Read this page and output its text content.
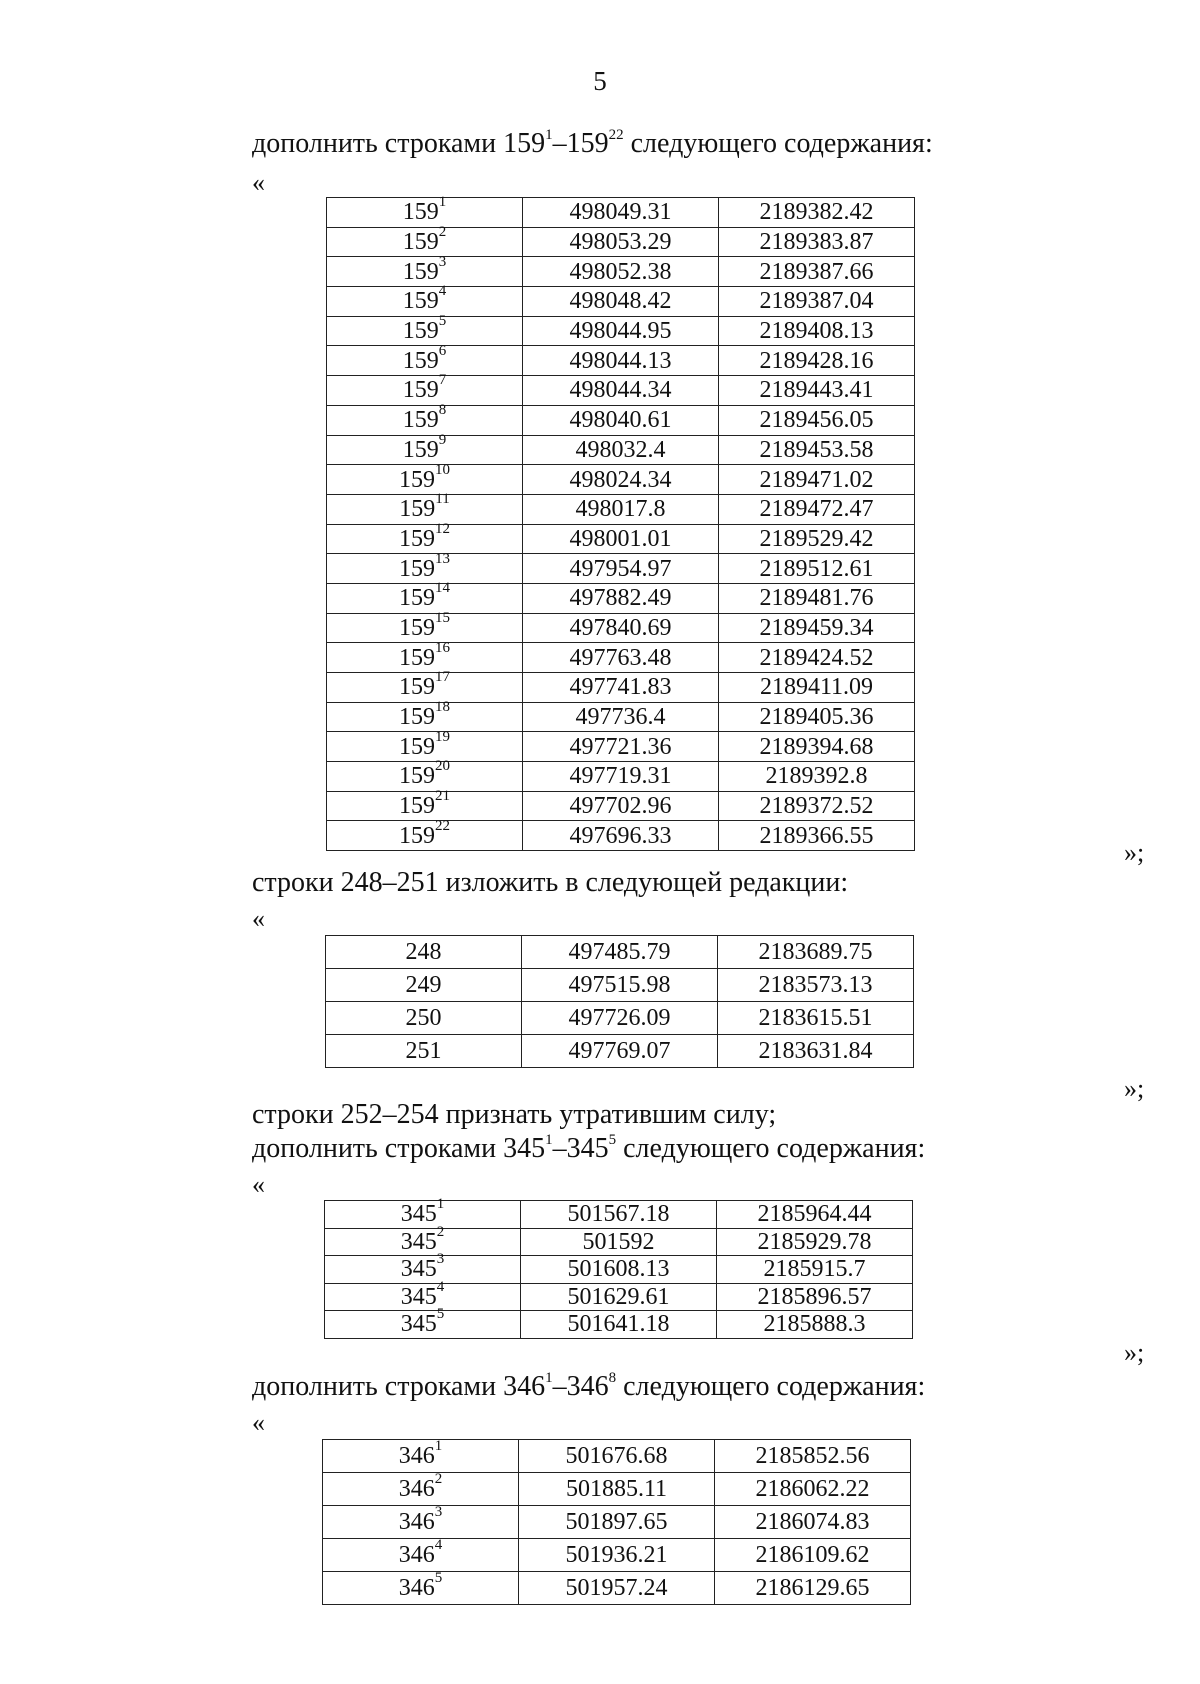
5
дополнить строками $159^1-159^{22}$ следующего содержания:
«
$159^1$	498049.31	2189382.42
$159^2$	498053.29	2189383.87
$159^3$	498052.38	2189387.66
$159^4$	498048.42	2189387.04
$159^5$	498044.95	2189408.13
$159^6$	498044.13	2189428.16
$159^7$	498044.34	2189443.41
$159^8$	498040.61	2189456.05
$159^9$	498032.4	2189453.58
$159^{10}$	498024.34	2189471.02
$159^{11}$	498017.8	2189472.47
$159^{12}$	498001.01	2189529.42
$159^{13}$	497954.97	2189512.61
$159^{14}$	497882.49	2189481.76
$159^{15}$	497840.69	2189459.34
$159^{16}$	497763.48	2189424.52
$159^{17}$	497741.83	2189411.09
$159^{18}$	497736.4	2189405.36
$159^{19}$	497721.36	2189394.68
$159^{20}$	497719.31	2189392.8
$159^{21}$	497702.96	2189372.52
$159^{22}$	497696.33	2189366.55
»;
строки 248–251 изложить в следующей редакции:
«
248	497485.79	2183689.75
249	497515.98	2183573.13
250	497726.09	2183615.51
251	497769.07	2183631.84
»;
строки 252–254 признать утратившим силу;
дополнить строками $345^1-345^5$ следующего содержания:
«
$345^1$	501567.18	2185964.44
$345^2$	501592	2185929.78
$345^3$	501608.13	2185915.7
$345^4$	501629.61	2185896.57
$345^5$	501641.18	2185888.3
»;
дополнить строками $346^1-346^8$ следующего содержания:
«
$346^1$	501676.68	2185852.56
$346^2$	501885.11	2186062.22
$346^3$	501897.65	2186074.83
$346^4$	501936.21	2186109.62
$346^5$	501957.24	2186129.65
